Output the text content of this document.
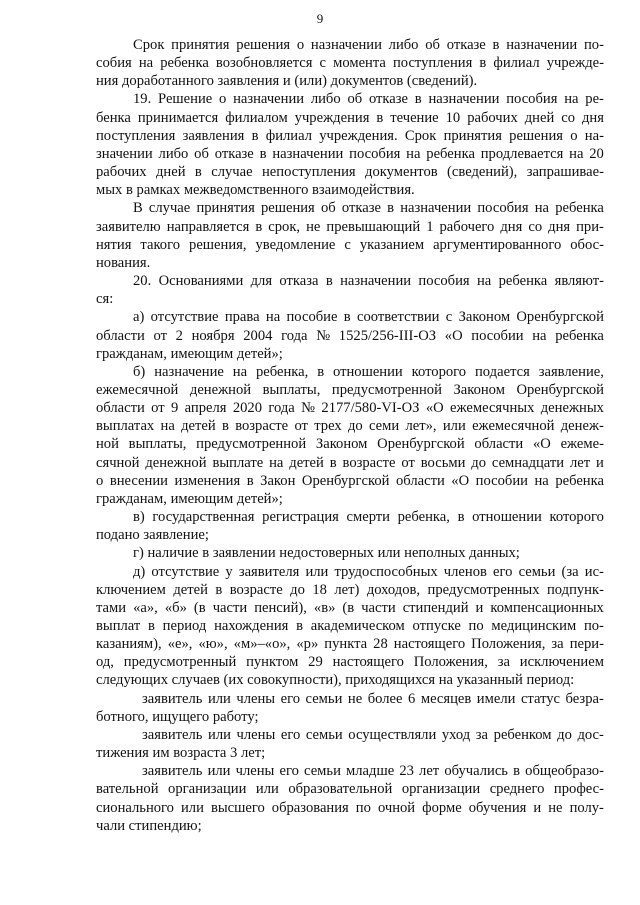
9
Срок принятия решения о назначении либо об отказе в назначении по-
собия на ребенка возобновляется с момента поступления в филиал учрежде-
ния доработанного заявления и (или) документов (сведений).
19. Решение о назначении либо об отказе в назначении пособия на ре-
бенка принимается филиалом учреждения в течение 10 рабочих дней со дня
поступления заявления в филиал учреждения. Срок принятия решения о на-
значении либо об отказе в назначении пособия на ребенка продлевается на 20
рабочих дней в случае непоступления документов (сведений), запрашивае-
мых в рамках межведомственного взаимодействия.
В случае принятия решения об отказе в назначении пособия на ребенка
заявителю направляется в срок, не превышающий 1 рабочего дня со дня при-
нятия такого решения, уведомление с указанием аргументированного обос-
нования.
20. Основаниями для отказа в назначении пособия на ребенка являют-
ся:
а) отсутствие права на пособие в соответствии с Законом Оренбургской
области от 2 ноября 2004 года № 1525/256-III-ОЗ «О пособии на ребенка
гражданам, имеющим детей»;
б) назначение на ребенка, в отношении которого подается заявление,
ежемесячной денежной выплаты, предусмотренной Законом Оренбургской
области от 9 апреля 2020 года № 2177/580-VI-ОЗ «О ежемесячных денежных
выплатах на детей в возрасте от трех до семи лет», или ежемесячной денеж-
ной выплаты, предусмотренной Законом Оренбургской области «О ежеме-
сячной денежной выплате на детей в возрасте от восьми до семнадцати лет и
о внесении изменения в Закон Оренбургской области «О пособии на ребенка
гражданам, имеющим детей»;
в) государственная регистрация смерти ребенка, в отношении которого
подано заявление;
г) наличие в заявлении недостоверных или неполных данных;
д) отсутствие у заявителя или трудоспособных членов его семьи (за ис-
ключением детей в возрасте до 18 лет) доходов, предусмотренных подпунк-
тами «а», «б» (в части пенсий), «в» (в части стипендий и компенсационных
выплат в период нахождения в академическом отпуске по медицинским по-
казаниям), «е», «ю», «м»–«о», «р» пункта 28 настоящего Положения, за пери-
од, предусмотренный пунктом 29 настоящего Положения, за исключением
следующих случаев (их совокупности), приходящихся на указанный период:
заявитель или члены его семьи не более 6 месяцев имели статус безра-
ботного, ищущего работу;
заявитель или члены его семьи осуществляли уход за ребенком до дос-
тижения им возраста 3 лет;
заявитель или члены его семьи младше 23 лет обучались в общеобразо-
вательной организации или образовательной организации среднего профес-
сионального или высшего образования по очной форме обучения и не полу-
чали стипендию;
